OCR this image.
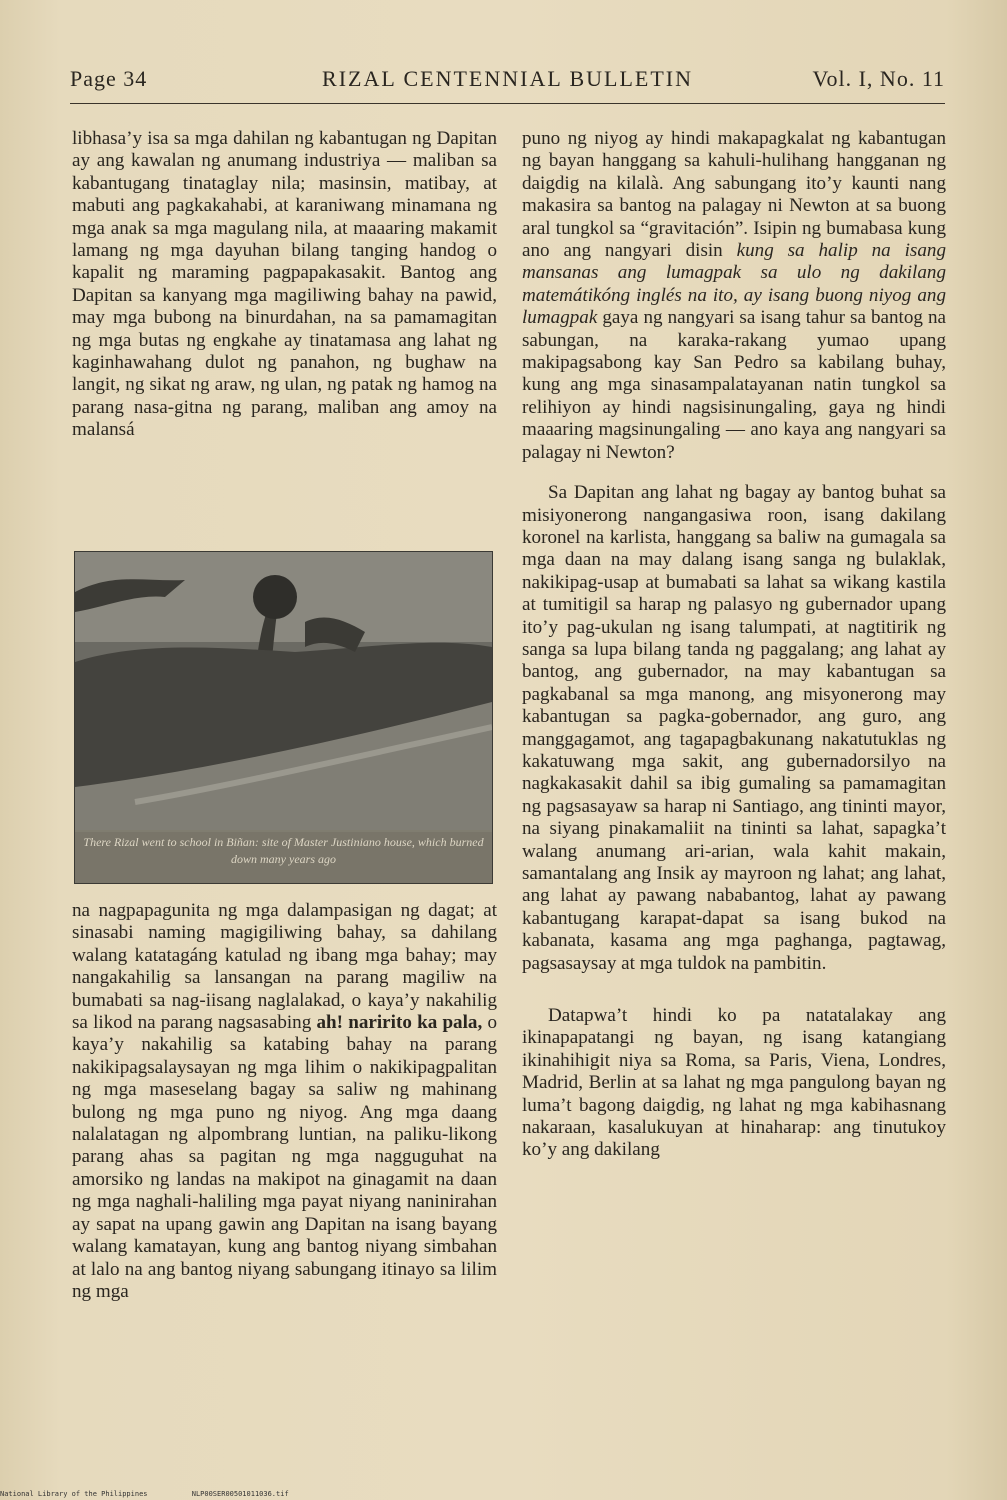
Page 34	RIZAL CENTENNIAL BULLETIN	Vol. I, No. 11

libhasa’y isa sa mga dahilan ng kabantugan ng Dapitan ay ang kawalan ng anumang industriya — maliban sa kabantugang tinataglay nila; masinsin, matibay, at mabuti ang pagkakahabi, at karaniwang minamana ng mga anak sa mga magulang nila, at maaaring makamit lamang ng mga dayuhan bilang tanging handog o kapalit ng maraming pagpapakasakit. Bantog ang Dapitan sa kanyang mga magiliwing bahay na pawid, may mga bubong na binurdahan, na sa pamamagitan ng mga butas ng engkahe ay tinatamasa ang lahat ng kaginhawahang dulot ng panahon, ng bughaw na langit, ng sikat ng araw, ng ulan, ng patak ng hamog na parang nasa-gitna ng parang, maliban ang amoy na malansá

There Rizal went to school in Biñan: site of Master Justiniano house, which burned down many years ago

na nagpapagunita ng mga dalampasigan ng dagat; at sinasabi naming magigiliwing bahay, sa dahilang walang katatagáng katulad ng ibang mga bahay; may nangakahilig sa lansangan na parang magiliw na bumabati sa nag-iisang naglalakad, o kaya’y nakahilig sa likod na parang nagsasabing ah! naririto ka pala, o kaya’y nakahilig sa katabing bahay na parang nakikipagsalaysayan ng mga lihim o nakikipagpalitan ng mga maseselang bagay sa saliw ng mahinang bulong ng mga puno ng niyog. Ang mga daang nalalatagan ng alpombrang luntian, na paliku-likong parang ahas sa pagitan ng mga nagguguhat na amorsiko ng landas na makipot na ginagamit na daan ng mga naghali-haliling mga payat niyang naninirahan ay sapat na upang gawin ang Dapitan na isang bayang walang kamatayan, kung ang bantog niyang simbahan at lalo na ang bantog niyang sabungang itinayo sa lilim ng mga

puno ng niyog ay hindi makapagkalat ng kabantugan ng bayan hanggang sa kahuli-hulihang hangganan ng daigdig na kilalà. Ang sabungang ito’y kaunti nang makasira sa bantog na palagay ni Newton at sa buong aral tungkol sa “gravitación”. Isipin ng bumabasa kung ano ang nangyari disin kung sa halip na isang mansanas ang lumagpak sa ulo ng dakilang matemátikóng inglés na ito, ay isang buong niyog ang lumagpak gaya ng nangyari sa isang tahur sa bantog na sabungan, na karaka-rakang yumao upang makipagsabong kay San Pedro sa kabilang buhay, kung ang mga sinasampalatayanan natin tungkol sa relihiyon ay hindi nagsisinungaling, gaya ng hindi maaaring magsinungaling — ano kaya ang nangyari sa palagay ni Newton?

Sa Dapitan ang lahat ng bagay ay bantog buhat sa misiyonerong nangangasiwa roon, isang dakilang koronel na karlista, hanggang sa baliw na gumagala sa mga daan na may dalang isang sanga ng bulaklak, nakikipag-usap at bumabati sa lahat sa wikang kastila at tumitigil sa harap ng palasyo ng gubernador upang ito’y pag-ukulan ng isang talumpati, at nagtitirik ng sanga sa lupa bilang tanda ng paggalang; ang lahat ay bantog, ang gubernador, na may kabantugan sa pagkabanal sa mga manong, ang misyonerong may kabantugan sa pagka-gobernador, ang guro, ang manggagamot, ang tagapagbakunang nakatutuklas ng kakatuwang mga sakit, ang gubernadorsilyo na nagkakasakit dahil sa ibig gumaling sa pamamagitan ng pagsasayaw sa harap ni Santiago, ang tininti mayor, na siyang pinakamaliit na tininti sa lahat, sapagka’t walang anumang ari-arian, wala kahit makain, samantalang ang Insik ay mayroon ng lahat; ang lahat, ang lahat ay pawang nababantog, lahat ay pawang kabantugang karapat-dapat sa isang bukod na kabanata, kasama ang mga paghanga, pagtawag, pagsasaysay at mga tuldok na pambitin.

Datapwa’t hindi ko pa natatalakay ang ikinapapatangi ng bayan, ng isang katangiang ikinahihigit niya sa Roma, sa Paris, Viena, Londres, Madrid, Berlin at sa lahat ng mga pangulong bayan ng luma’t bagong daigdig, ng lahat ng mga kabihasnang nakaraan, kasalukuyan at hinaharap: ang tinutukoy ko’y ang dakilang

National Library of the Philippines	NLP00SER0050101103​6.tif
